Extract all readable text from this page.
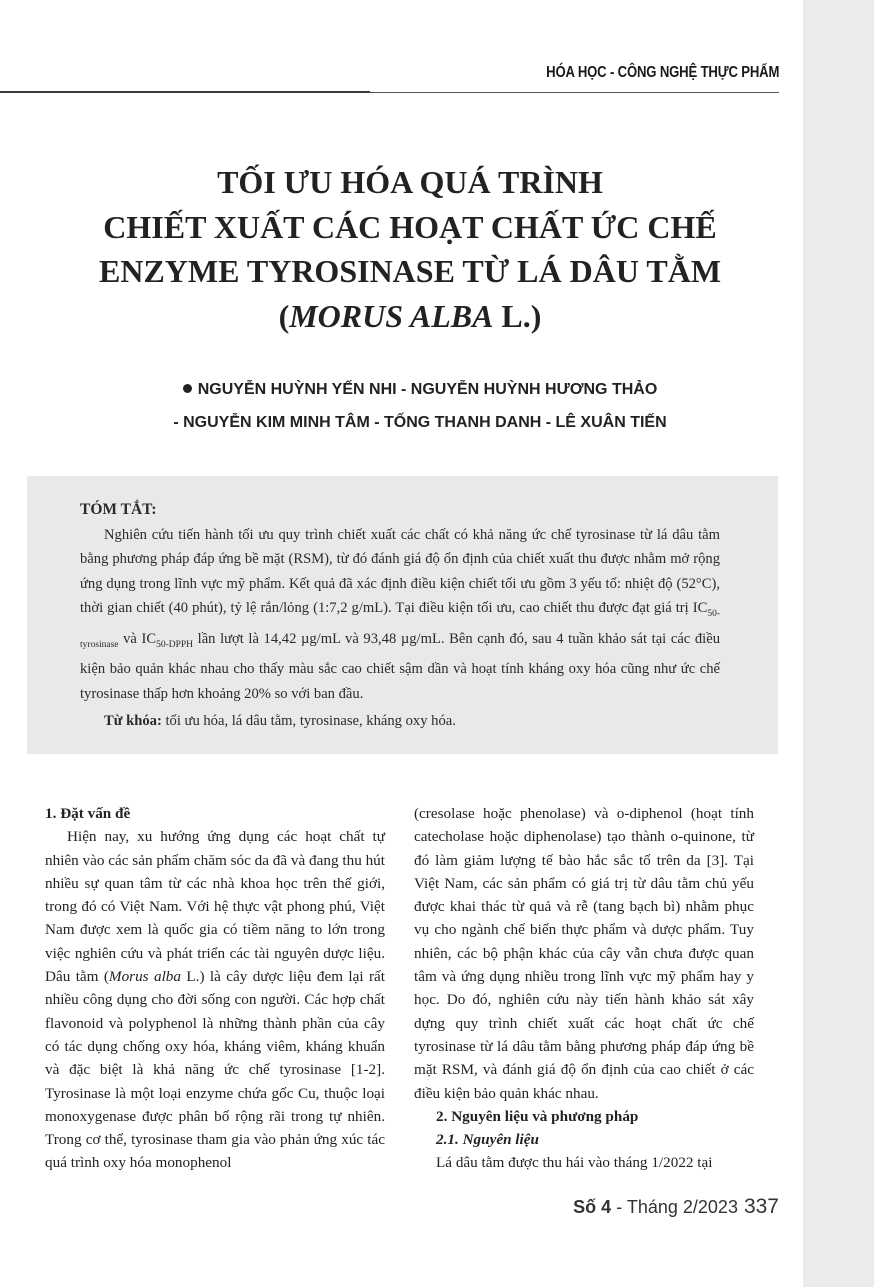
HÓA HỌC - CÔNG NGHỆ THỰC PHẨM
TỐI ƯU HÓA QUÁ TRÌNH
CHIẾT XUẤT CÁC HOẠT CHẤT ỨC CHẾ
ENZYME TYROSINASE TỪ LÁ DÂU TẰM
(MORUS ALBA L.)
NGUYỄN HUỲNH YẾN NHI - NGUYỄN HUỲNH HƯƠNG THẢO
- NGUYỄN KIM MINH TÂM - TỐNG THANH DANH - LÊ XUÂN TIẾN
TÓM TẮT:

Nghiên cứu tiến hành tối ưu quy trình chiết xuất các chất có khả năng ức chế tyrosinase từ lá dâu tằm bằng phương pháp đáp ứng bề mặt (RSM), từ đó đánh giá độ ổn định của chiết xuất thu được nhằm mở rộng ứng dụng trong lĩnh vực mỹ phẩm. Kết quả đã xác định điều kiện chiết tối ưu gồm 3 yếu tố: nhiệt độ (52°C), thời gian chiết (40 phút), tỷ lệ rắn/lỏng (1:7,2 g/mL). Tại điều kiện tối ưu, cao chiết thu được đạt giá trị $IC_{50-tyrosinase}$ và $IC_{50-DPPH}$ lần lượt là 14,42 µg/mL và 93,48 µg/mL. Bên cạnh đó, sau 4 tuần khảo sát tại các điều kiện bảo quản khác nhau cho thấy màu sắc cao chiết sậm dần và hoạt tính kháng oxy hóa cũng như ức chế tyrosinase thấp hơn khoảng 20% so với ban đầu.

Từ khóa: tối ưu hóa, lá dâu tằm, tyrosinase, kháng oxy hóa.

1. Đặt vấn đề

Hiện nay, xu hướng ứng dụng các hoạt chất tự nhiên vào các sản phẩm chăm sóc da đã và đang thu hút nhiều sự quan tâm từ các nhà khoa học trên thế giới, trong đó có Việt Nam. Với hệ thực vật phong phú, Việt Nam được xem là quốc gia có tiềm năng to lớn trong việc nghiên cứu và phát triển các tài nguyên dược liệu. Dâu tằm (Morus alba L.) là cây dược liệu đem lại rất nhiều công dụng cho đời sống con người. Các hợp chất flavonoid và polyphenol là những thành phần của cây có tác dụng chống oxy hóa, kháng viêm, kháng khuẩn và đặc biệt là khả năng ức chế tyrosinase [1-2]. Tyrosinase là một loại enzyme chứa gốc Cu, thuộc loại monoxygenase được phân bố rộng rãi trong tự nhiên. Trong cơ thể, tyrosinase tham gia vào phản ứng xúc tác quá trình oxy hóa monophenol

(cresolase hoặc phenolase) và o-diphenol (hoạt tính catecholase hoặc diphenolase) tạo thành o-quinone, từ đó làm giảm lượng tế bào hắc sắc tố trên da [3]. Tại Việt Nam, các sản phẩm có giá trị từ dâu tằm chủ yếu được khai thác từ quả và rễ (tang bạch bì) nhằm phục vụ cho ngành chế biến thực phẩm và dược phẩm. Tuy nhiên, các bộ phận khác của cây vẫn chưa được quan tâm và ứng dụng nhiều trong lĩnh vực mỹ phẩm hay y học. Do đó, nghiên cứu này tiến hành khảo sát xây dựng quy trình chiết xuất các hoạt chất ức chế tyrosinase từ lá dâu tằm bằng phương pháp đáp ứng bề mặt RSM, và đánh giá độ ổn định của cao chiết ở các điều kiện bảo quản khác nhau.

2. Nguyên liệu và phương pháp

2.1. Nguyên liệu

Lá dâu tằm được thu hái vào tháng 1/2022 tại

Số 4 - Tháng 2/2023 337
